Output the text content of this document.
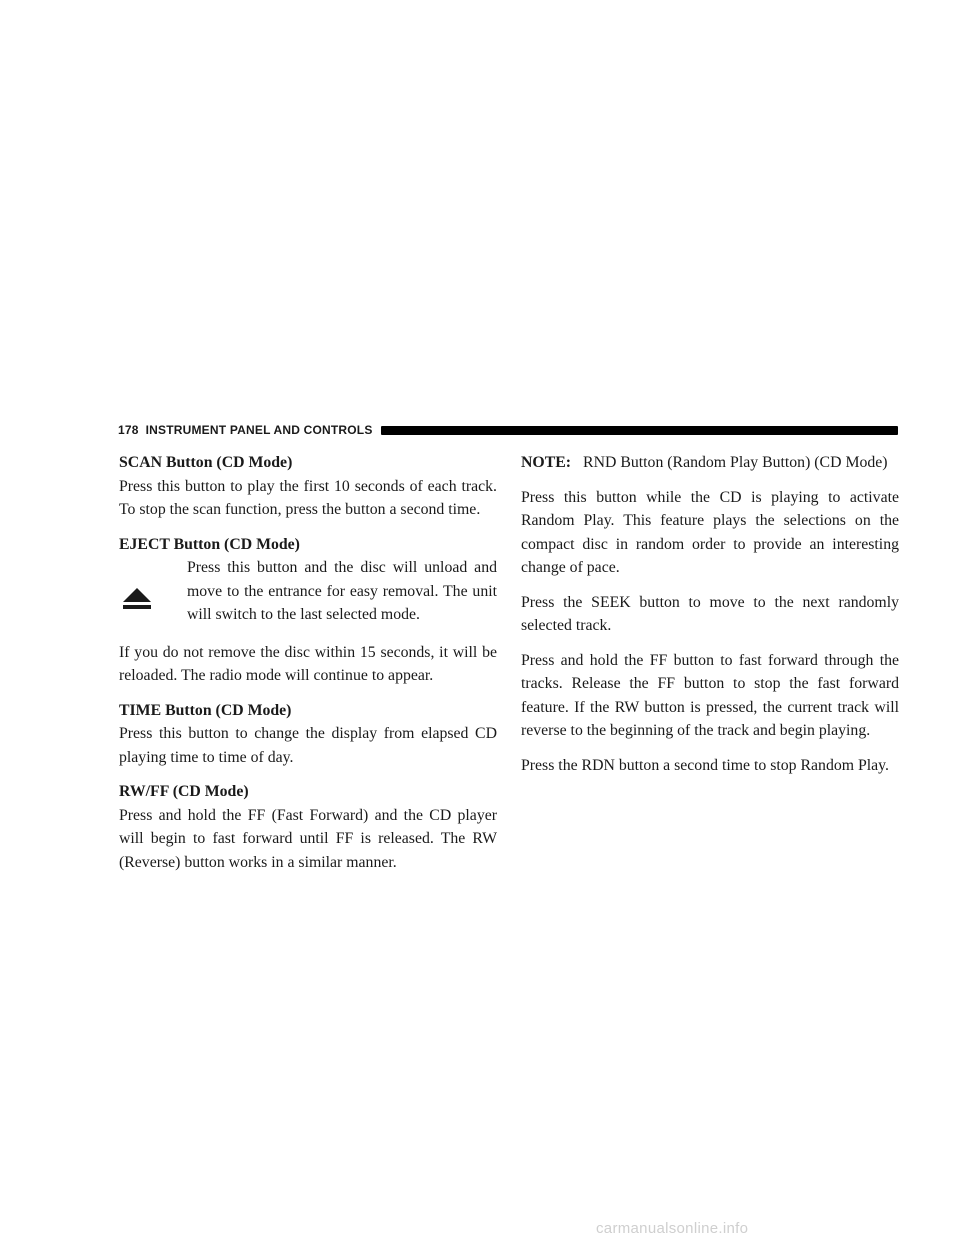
178 INSTRUMENT PANEL AND CONTROLS
SCAN Button (CD Mode)

Press this button to play the first 10 seconds of each track. To stop the scan function, press the button a second time.

EJECT Button (CD Mode)
Press this button and the disc will unload and move to the entrance for easy removal. The unit will switch to the last selected mode.

If you do not remove the disc within 15 seconds, it will be reloaded. The radio mode will continue to appear.

TIME Button (CD Mode)

Press this button to change the display from elapsed CD playing time to time of day.

RW/FF (CD Mode)

Press and hold the FF (Fast Forward) and the CD player will begin to fast forward until FF is released. The RW (Reverse) button works in a similar manner.

NOTE: RND Button (Random Play Button) (CD Mode)

Press this button while the CD is playing to activate Random Play. This feature plays the selections on the compact disc in random order to provide an interesting change of pace.

Press the SEEK button to move to the next randomly selected track.

Press and hold the FF button to fast forward through the tracks. Release the FF button to stop the fast forward feature. If the RW button is pressed, the current track will reverse to the beginning of the track and begin playing.

Press the RDN button a second time to stop Random Play.

carmanualsonline.info
